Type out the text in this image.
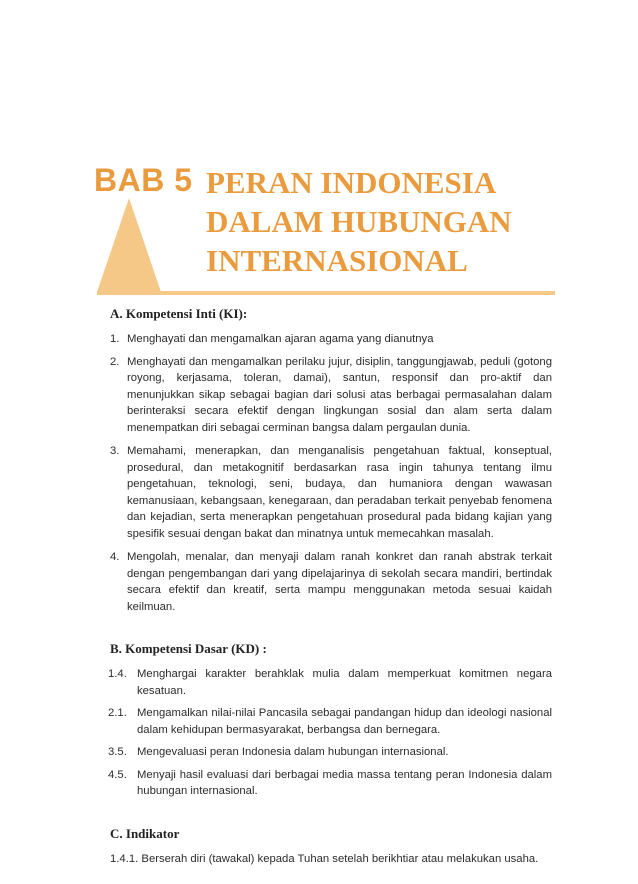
BAB 5 PERAN INDONESIA
DALAM HUBUNGAN
INTERNASIONAL
A. Kompetensi Inti (KI):
1. Menghayati dan mengamalkan ajaran agama yang dianutnya
2. Menghayati dan mengamalkan perilaku jujur, disiplin, tanggungjawab, peduli (gotong royong, kerjasama, toleran, damai), santun, responsif dan pro-aktif dan menunjukkan sikap sebagai bagian dari solusi atas berbagai permasalahan dalam berinteraksi secara efektif dengan lingkungan sosial dan alam serta dalam menempatkan diri sebagai cerminan bangsa dalam pergaulan dunia.
3. Memahami, menerapkan, dan menganalisis pengetahuan faktual, konseptual, prosedural, dan metakognitif berdasarkan rasa ingin tahunya tentang ilmu pengetahuan, teknologi, seni, budaya, dan humaniora dengan wawasan kemanusiaan, kebangsaan, kenegaraan, dan peradaban terkait penyebab fenomena dan kejadian, serta menerapkan pengetahuan prosedural pada bidang kajian yang spesifik sesuai dengan bakat dan minatnya untuk memecahkan masalah.
4. Mengolah, menalar, dan menyaji dalam ranah konkret dan ranah abstrak terkait dengan pengembangan dari yang dipelajarinya di sekolah secara mandiri, bertindak secara efektif dan kreatif, serta mampu menggunakan metoda sesuai kaidah keilmuan.
B. Kompetensi Dasar (KD) :
1.4. Menghargai karakter berahklak mulia dalam memperkuat komitmen negara kesatuan.
2.1. Mengamalkan nilai-nilai Pancasila sebagai pandangan hidup dan ideologi nasional dalam kehidupan bermasyarakat, berbangsa dan bernegara.
3.5. Mengevaluasi peran Indonesia dalam hubungan internasional.
4.5. Menyaji hasil evaluasi dari berbagai media massa tentang peran Indonesia dalam hubungan internasional.
C. Indikator
1.4.1. Berserah diri (tawakal) kepada Tuhan setelah berikhtiar atau melakukan usaha.
